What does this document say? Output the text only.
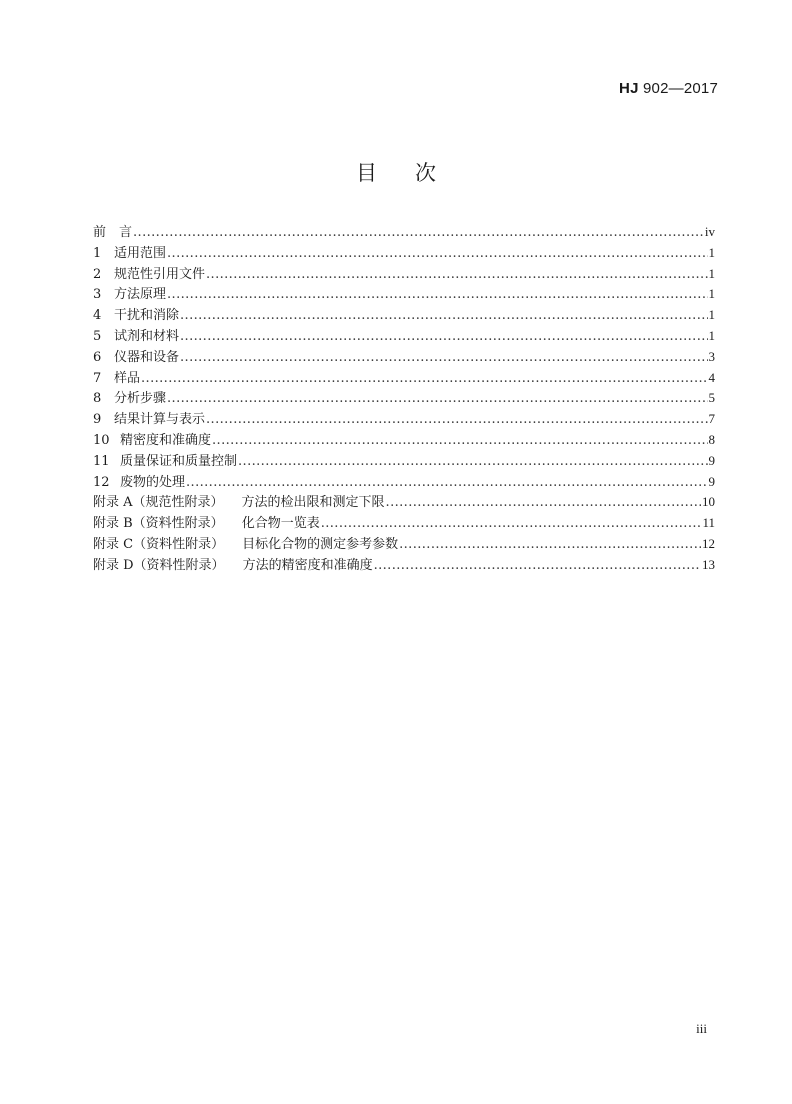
HJ 902—2017
目 次
前　言 .....	iv
1 适用范围 .....	1
2 规范性引用文件 .....	1
3 方法原理 .....	1
4 干扰和消除 .....	1
5 试剂和材料 .....	1
6 仪器和设备 .....	3
7 样品 .....	4
8 分析步骤 .....	5
9 结果计算与表示 .....	7
10 精密度和准确度 .....	8
11 质量保证和质量控制 .....	9
12 废物的处理 .....	9
附录 A（规范性附录） 方法的检出限和测定下限 .....	10
附录 B（资料性附录） 化合物一览表 .....	11
附录 C（资料性附录） 目标化合物的测定参考参数 .....	12
附录 D（资料性附录） 方法的精密度和准确度 .....	13
iii
